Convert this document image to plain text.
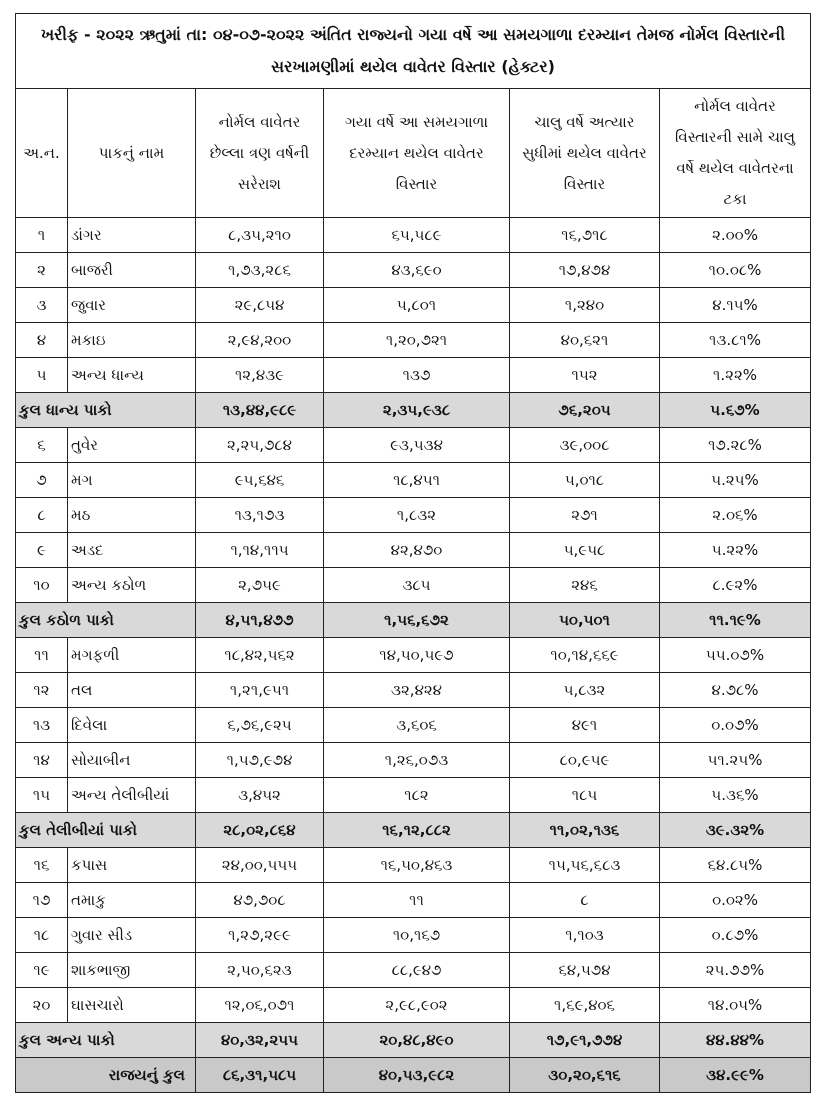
ખરીફ - ૨૦૨૨ ઋતુમાં તા: ૦૪-૦૭-૨૦૨૨ અંતિત રાજ્યનો ગયા વર્ષે આ સમયગાળા દરમ્યાન તેમજ નોર્મલ વિસ્તારની સરખામણીમાં થયેલ વાવેતર વિસ્તાર (હેક્ટર)					
અ.ન.	પાકનું નામ	નોર્મલ વાવેતર છેલ્લા ત્રણ વર્ષની સરેરાશ	ગયા વર્ષે આ સમયગાળા દરમ્યાન થયેલ વાવેતર વિસ્તાર	ચાલુ વર્ષે અત્યાર સુધીમાં થયેલ વાવેતર વિસ્તાર	નોર્મલ વાવેતર વિસ્તારની સામે ચાલુ વર્ષે થયેલ વાવેતરના ટકા
૧	ડાંગર	૮,૩૫,૨૧૦	૬૫,૫૮૯	૧૬,૭૧૮	૨.૦૦%
૨	બાજરી	૧,૭૩,૨૮૬	૪૩,૬૯૦	૧૭,૪૭૪	૧૦.૦૮%
૩	જુવાર	૨૯,૮૫૪	૫,૮૦૧	૧,૨૪૦	૪.૧૫%
૪	મકાઇ	૨,૯૪,૨૦૦	૧,૨૦,૭૨૧	૪૦,૬૨૧	૧૩.૮૧%
૫	અન્ય ધાન્ય	૧૨,૪૩૯	૧૩૭	૧૫૨	૧.૨૨%
કુલ ધાન્ય પાકો		૧૩,૪૪,૯૮૯	૨,૩૫,૯૩૮	૭૬,૨૦૫	૫.૬૭%
૬	તુવેર	૨,૨૫,૭૮૪	૯૩,૫૩૪	૩૯,૦૦૮	૧૭.૨૮%
૭	મગ	૯૫,૬૪૬	૧૮,૪૫૧	૫,૦૧૮	૫.૨૫%
૮	મઠ	૧૩,૧૭૩	૧,૮૩૨	૨૭૧	૨.૦૬%
૯	અડદ	૧,૧૪,૧૧૫	૪૨,૪૭૦	૫,૯૫૮	૫.૨૨%
૧૦	અન્ય કઠોળ	૨,૭૫૯	૩૮૫	૨૪૬	૮.૯૨%
કુલ કઠોળ પાકો		૪,૫૧,૪૭૭	૧,૫૬,૬૭૨	૫૦,૫૦૧	૧૧.૧૯%
૧૧	મગફળી	૧૮,૪૨,૫૬૨	૧૪,૫૦,૫૯૭	૧૦,૧૪,૬૬૯	૫૫.૦૭%
૧૨	તલ	૧,૨૧,૯૫૧	૩૨,૪૨૪	૫,૮૩૨	૪.૭૮%
૧૩	દિવેલા	૬,૭૬,૯૨૫	૩,૬૦૬	૪૯૧	૦.૦૭%
૧૪	સોયાબીન	૧,૫૭,૯૭૪	૧,૨૬,૦૭૩	૮૦,૯૫૯	૫૧.૨૫%
૧૫	અન્ય તેલીબીયાં	૩,૪૫૨	૧૮૨	૧૮૫	૫.૩૬%
કુલ તેલીબીયાં પાકો		૨૮,૦૨,૮૬૪	૧૬,૧૨,૮૮૨	૧૧,૦૨,૧૩૬	૩૯.૩૨%
૧૬	કપાસ	૨૪,૦૦,૫૫૫	૧૬,૫૦,૪૬૩	૧૫,૫૬,૬૮૩	૬૪.૮૫%
૧૭	તમાકુ	૪૭,૭૦૮	૧૧	૮	૦.૦૨%
૧૮	ગુવાર સીડ	૧,૨૭,૨૯૯	૧૦,૧૬૭	૧,૧૦૩	૦.૮૭%
૧૯	શાકભાજી	૨,૫૦,૬૨૩	૮૮,૯૪૭	૬૪,૫૭૪	૨૫.૭૭%
૨૦	ઘાસચારો	૧૨,૦૬,૦૭૧	૨,૯૮,૯૦૨	૧,૬૯,૪૦૬	૧૪.૦૫%
કુલ અન્ય પાકો		૪૦,૩૨,૨૫૫	૨૦,૪૮,૪૯૦	૧૭,૯૧,૭૭૪	૪૪.૪૪%
રાજયનું કુલ		૮૬,૩૧,૫૮૫	૪૦,૫૩,૯૮૨	૩૦,૨૦,૬૧૬	૩૪.૯૯%
